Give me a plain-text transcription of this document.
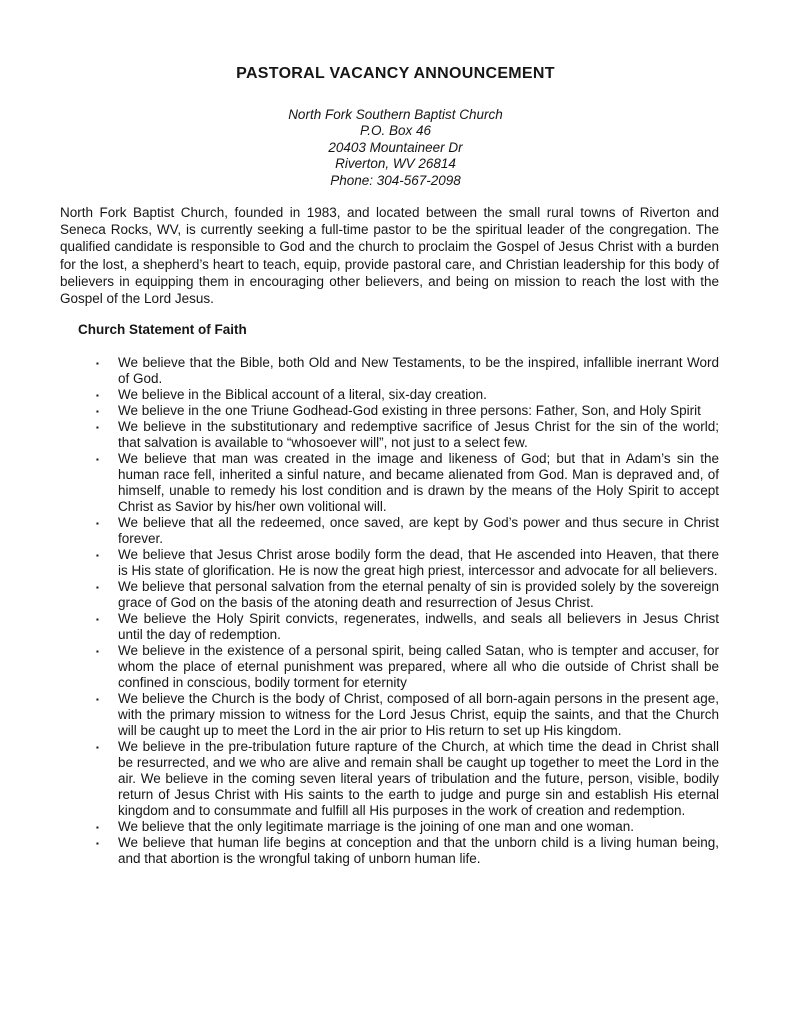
PASTORAL VACANCY ANNOUNCEMENT
North Fork Southern Baptist Church
P.O. Box 46
20403 Mountaineer Dr
Riverton, WV 26814
Phone: 304-567-2098

North Fork Baptist Church, founded in 1983, and located between the small rural towns of Riverton and Seneca Rocks, WV, is currently seeking a full-time pastor to be the spiritual leader of the congregation. The qualified candidate is responsible to God and the church to proclaim the Gospel of Jesus Christ with a burden for the lost, a shepherd’s heart to teach, equip, provide pastoral care, and Christian leadership for this body of believers in equipping them in encouraging other believers, and being on mission to reach the lost with the Gospel of the Lord Jesus.

Church Statement of Faith
▪ We believe that the Bible, both Old and New Testaments, to be the inspired, infallible inerrant Word of God.
▪ We believe in the Biblical account of a literal, six-day creation.
▪ We believe in the one Triune Godhead-God existing in three persons: Father, Son, and Holy Spirit
▪ We believe in the substitutionary and redemptive sacrifice of Jesus Christ for the sin of the world; that salvation is available to “whosoever will”, not just to a select few.
▪ We believe that man was created in the image and likeness of God; but that in Adam’s sin the human race fell, inherited a sinful nature, and became alienated from God. Man is depraved and, of himself, unable to remedy his lost condition and is drawn by the means of the Holy Spirit to accept Christ as Savior by his/her own volitional will.
▪ We believe that all the redeemed, once saved, are kept by God’s power and thus secure in Christ forever.
▪ We believe that Jesus Christ arose bodily form the dead, that He ascended into Heaven, that there is His state of glorification. He is now the great high priest, intercessor and advocate for all believers.
▪ We believe that personal salvation from the eternal penalty of sin is provided solely by the sovereign grace of God on the basis of the atoning death and resurrection of Jesus Christ.
▪ We believe the Holy Spirit convicts, regenerates, indwells, and seals all believers in Jesus Christ until the day of redemption.
▪ We believe in the existence of a personal spirit, being called Satan, who is tempter and accuser, for whom the place of eternal punishment was prepared, where all who die outside of Christ shall be confined in conscious, bodily torment for eternity
▪ We believe the Church is the body of Christ, composed of all born-again persons in the present age, with the primary mission to witness for the Lord Jesus Christ, equip the saints, and that the Church will be caught up to meet the Lord in the air prior to His return to set up His kingdom.
▪ We believe in the pre-tribulation future rapture of the Church, at which time the dead in Christ shall be resurrected, and we who are alive and remain shall be caught up together to meet the Lord in the air. We believe in the coming seven literal years of tribulation and the future, person, visible, bodily return of Jesus Christ with His saints to the earth to judge and purge sin and establish His eternal kingdom and to consummate and fulfill all His purposes in the work of creation and redemption.
▪ We believe that the only legitimate marriage is the joining of one man and one woman.
▪ We believe that human life begins at conception and that the unborn child is a living human being, and that abortion is the wrongful taking of unborn human life.
